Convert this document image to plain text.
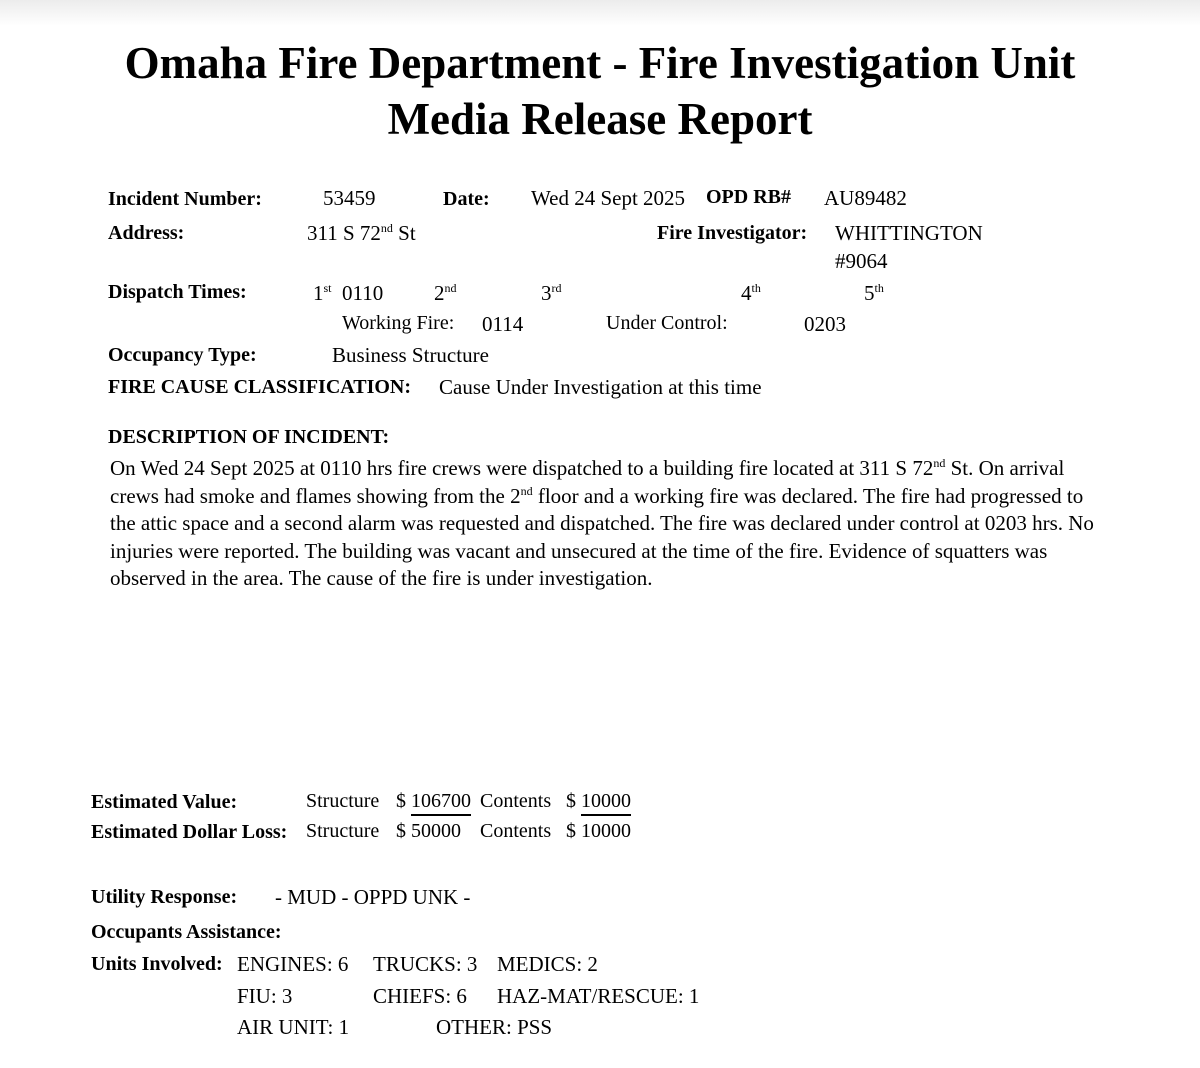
Omaha Fire Department - Fire Investigation Unit
Media Release Report
Incident Number:	53459	Date: Wed 24 Sept 2025 OPD RB# AU89482
Address:	311 S 72nd St	Fire Investigator: WHITTINGTON
#9064
Dispatch Times:	1st 0110 2nd	3rd	4th	5th
Working Fire: 0114	Under Control:	0203
Occupancy Type:	Business Structure
FIRE CAUSE CLASSIFICATION: Cause Under Investigation at this time
DESCRIPTION OF INCIDENT:
On Wed 24 Sept 2025 at 0110 hrs fire crews were dispatched to a building fire located at 311 S 72nd St. On arrival crews had smoke and flames showing from the 2nd floor and a working fire was declared. The fire had progressed to the attic space and a second alarm was requested and dispatched. The fire was declared under control at 0203 hrs. No injuries were reported. The building was vacant and unsecured at the time of the fire. Evidence of squatters was observed in the area. The cause of the fire is under investigation.
Estimated Value:	Structure $ 106700 Contents $ 10000
Estimated Dollar Loss: Structure $ 50000 Contents $ 10000
Utility Response: - MUD - OPPD UNK -
Occupants Assistance:
Units Involved: ENGINES: 6 TRUCKS: 3 MEDICS: 2
FIU: 3	CHIEFS: 6 HAZ-MAT/RESCUE: 1
AIR UNIT: 1	OTHER: PSS
